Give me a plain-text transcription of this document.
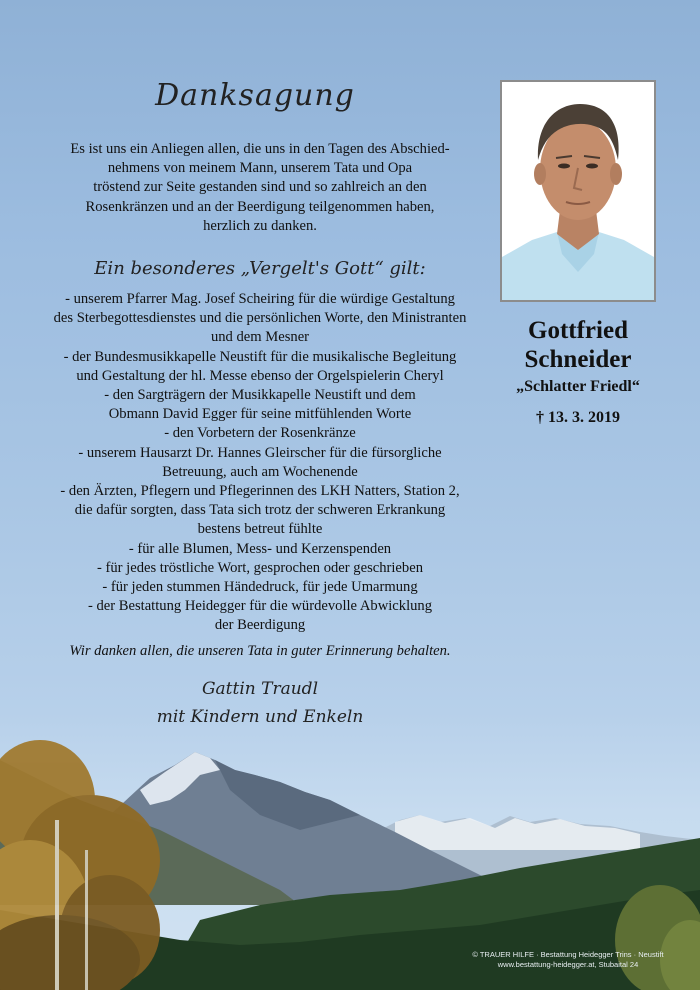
Danksagung
Es ist uns ein Anliegen allen, die uns in den Tagen des Abschied-
nehmens von meinem Mann, unserem Tata und Opa
tröstend zur Seite gestanden sind und so zahlreich an den
Rosenkränzen und an der Beerdigung teilgenommen haben,
herzlich zu danken.
Ein besonderes „Vergelt's Gott“ gilt:
- unserem Pfarrer Mag. Josef Scheiring für die würdige Gestaltung
des Sterbegottesdienstes und die persönlichen Worte, den Ministranten
und dem Mesner
- der Bundesmusikkapelle Neustift für die musikalische Begleitung
und Gestaltung der hl. Messe ebenso der Orgelspielerin Cheryl
- den Sargträgern der Musikkapelle Neustift und dem
Obmann David Egger für seine mitfühlenden Worte
- den Vorbetern der Rosenkränze
- unserem Hausarzt Dr. Hannes Gleirscher für die fürsorgliche
Betreuung, auch am Wochenende
- den Ärzten, Pflegern und Pflegerinnen des LKH Natters, Station 2,
die dafür sorgten, dass Tata sich trotz der schweren Erkrankung
bestens betreut fühlte
- für alle Blumen, Mess- und Kerzenspenden
- für jedes tröstliche Wort, gesprochen oder geschrieben
- für jeden stummen Händedruck, für jede Umarmung
- der Bestattung Heidegger für die würdevolle Abwicklung
der Beerdigung
Wir danken allen, die unseren Tata in guter Erinnerung behalten.
Gattin Traudl
mit Kindern und Enkeln
Gottfried
Schneider
„Schlatter Friedl“
† 13. 3. 2019
© TRAUER HILFE · Bestattung Heidegger Trins · Neustift
www.bestattung-heidegger.at, Stubaital 24
